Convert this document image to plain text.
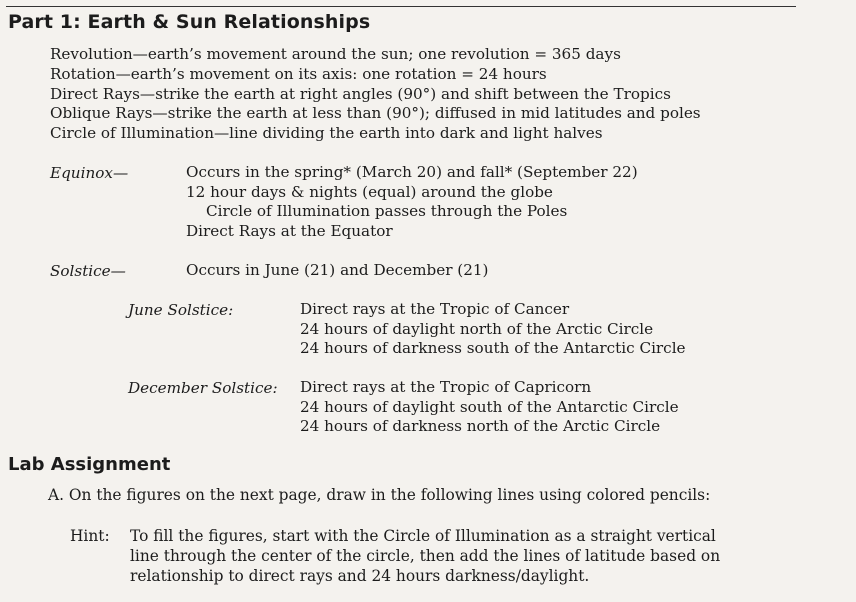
Part 1: Earth & Sun Relationships
Revolution—earth’s movement around the sun; one revolution = 365 days
Rotation—earth’s movement on its axis: one rotation = 24 hours
Direct Rays—strike the earth at right angles (90°) and shift between the Tropics
Oblique Rays—strike the earth at less than (90°); diffused in mid latitudes and poles
Circle of Illumination—line dividing the earth into dark and light halves
Equinox—	Occurs in the spring* (March 20) and fall* (September 22)
12 hour days & nights (equal) around the globe
Circle of Illumination passes through the Poles
Direct Rays at the Equator
Solstice—	Occurs in June (21) and December (21)
June Solstice:	Direct rays at the Tropic of Cancer
24 hours of daylight north of the Arctic Circle
24 hours of darkness south of the Antarctic Circle
December Solstice: Direct rays at the Tropic of Capricorn
24 hours of daylight south of the Antarctic Circle
24 hours of darkness north of the Arctic Circle
Lab Assignment
A. On the figures on the next page, draw in the following lines using colored pencils:
Hint: To fill the figures, start with the Circle of Illumination as a straight vertical
line through the center of the circle, then add the lines of latitude based on
relationship to direct rays and 24 hours darkness/daylight.
